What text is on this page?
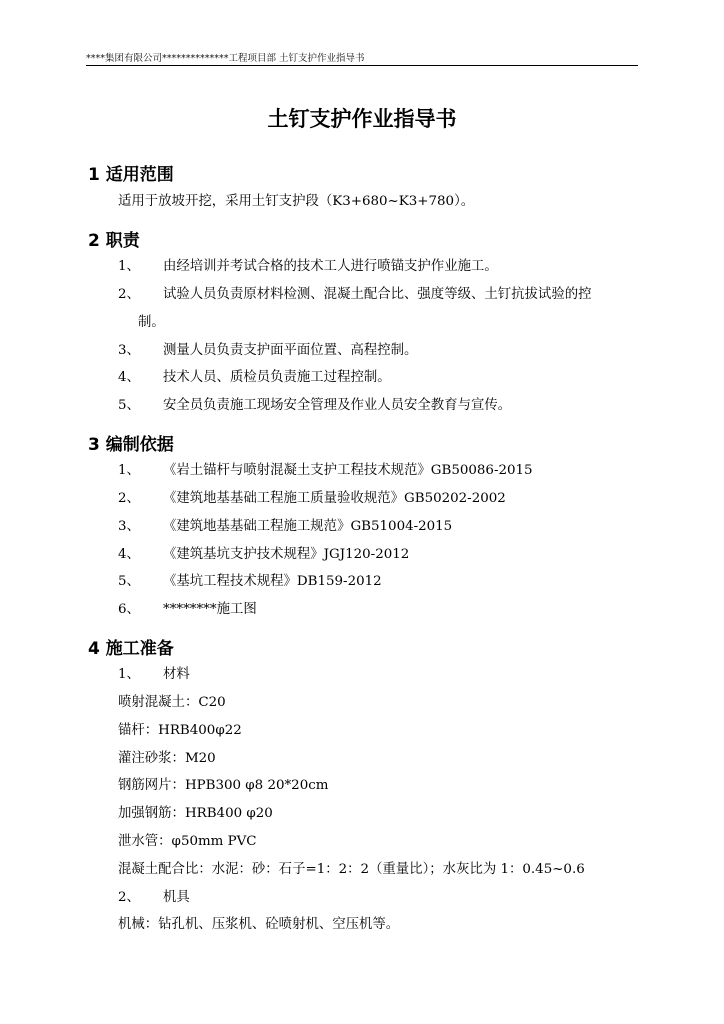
****集团有限公司**************工程项目部 土钉支护作业指导书
土钉支护作业指导书
1 适用范围
适用于放坡开挖，采用土钉支护段（K3+680~K3+780）。
2 职责
1、 由经培训并考试合格的技术工人进行喷锚支护作业施工。
2、 试验人员负责原材料检测、混凝土配合比、强度等级、土钉抗拔试验的控
制。
3、 测量人员负责支护面平面位置、高程控制。
4、 技术人员、质检员负责施工过程控制。
5、 安全员负责施工现场安全管理及作业人员安全教育与宣传。
3 编制依据
1、 《岩土锚杆与喷射混凝土支护工程技术规范》GB50086-2015
2、 《建筑地基基础工程施工质量验收规范》GB50202-2002
3、 《建筑地基基础工程施工规范》GB51004-2015
4、 《建筑基坑支护技术规程》JGJ120-2012
5、 《基坑工程技术规程》DB159-2012
6、 ********施工图
4 施工准备
1、 材料
喷射混凝土：C20
锚杆：HRB400φ22
灌注砂浆：M20
钢筋网片：HPB300 φ8 20*20cm
加强钢筋：HRB400 φ20
泄水管：φ50mm PVC
混凝土配合比：水泥：砂：石子=1：2：2（重量比）；水灰比为 1：0.45~0.6
2、 机具
机械：钻孔机、压浆机、砼喷射机、空压机等。
